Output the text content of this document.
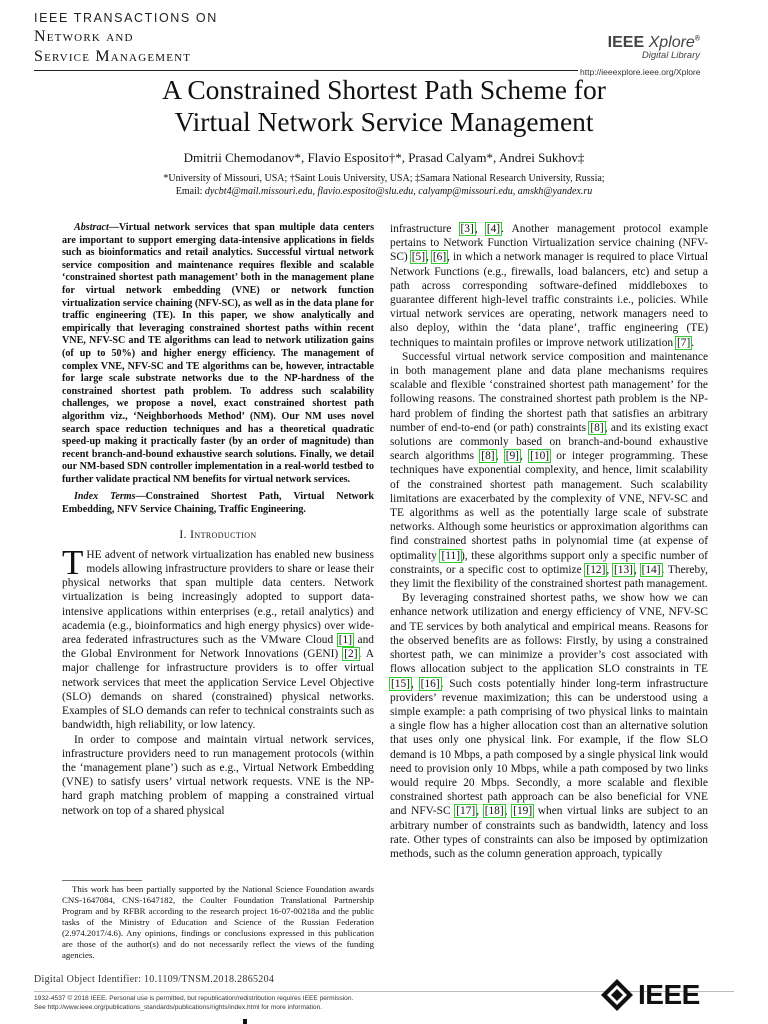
IEEE TRANSACTIONS ON
Network and
Service Management
IEEE Xplore®
Digital Library
http://ieeexplore.ieee.org/Xplore
A Constrained Shortest Path Scheme for
Virtual Network Service Management
Dmitrii Chemodanov*, Flavio Esposito†*, Prasad Calyam*, Andrei Sukhov‡
*University of Missouri, USA; †Saint Louis University, USA; ‡Samara National Research University, Russia;
Email: dycbt4@mail.missouri.edu, flavio.esposito@slu.edu, calyamp@missouri.edu, amskh@yandex.ru
Abstract—Virtual network services that span multiple data centers are important to support emerging data-intensive applications in fields such as bioinformatics and retail analytics. Successful virtual network service composition and maintenance requires flexible and scalable ‘constrained shortest path management’ both in the management plane for virtual network embedding (VNE) or network function virtualization service chaining (NFV-SC), as well as in the data plane for traffic engineering (TE). In this paper, we show analytically and empirically that leveraging constrained shortest paths within recent VNE, NFV-SC and TE algorithms can lead to network utilization gains (of up to 50%) and higher energy efficiency. The management of complex VNE, NFV-SC and TE algorithms can be, however, intractable for large scale substrate networks due to the NP-hardness of the constrained shortest path problem. To address such scalability challenges, we propose a novel, exact constrained shortest path algorithm viz., ‘Neighborhoods Method’ (NM). Our NM uses novel search space reduction techniques and has a theoretical quadratic speed-up making it practically faster (by an order of magnitude) than recent branch-and-bound exhaustive search solutions. Finally, we detail our NM-based SDN controller implementation in a real-world testbed to further validate practical NM benefits for virtual network services.
Index Terms—Constrained Shortest Path, Virtual Network Embedding, NFV Service Chaining, Traffic Engineering.
I. Introduction

THE advent of network virtualization has enabled new business models allowing infrastructure providers to share or lease their physical networks that span multiple data centers. Network virtualization is being increasingly adopted to support data-intensive applications within enterprises (e.g., retail analytics) and academia (e.g., bioinformatics and high energy physics) over wide-area federated infrastructures such as the VMware Cloud [1] and the Global Environment for Network Innovations (GENI) [2]. A major challenge for infrastructure providers is to offer virtual network services that meet the application Service Level Objective (SLO) demands on shared (constrained) physical networks. Examples of SLO demands can refer to technical constraints such as bandwidth, high reliability, or low latency.

In order to compose and maintain virtual network services, infrastructure providers need to run management protocols (within the ‘management plane’) such as e.g., Virtual Network Embedding (VNE) to satisfy users’ virtual network requests. VNE is the NP-hard graph matching problem of mapping a constrained virtual network on top of a shared physical

This work has been partially supported by the National Science Foundation awards CNS-1647084, CNS-1647182, the Coulter Foundation Translational Partnership Program and by RFBR according to the research project 16-07-00218a and the public tasks of the Ministry of Education and Science of the Russian Federation (2.974.2017/4.6). Any opinions, findings or conclusions expressed in this publication are those of the author(s) and do not necessarily reflect the views of the funding agencies.

infrastructure [3], [4]. Another management protocol example pertains to Network Function Virtualization service chaining (NFV-SC) [5], [6], in which a network manager is required to place Virtual Network Functions (e.g., firewalls, load balancers, etc) and setup a path across corresponding software-defined middleboxes to guarantee different high-level traffic constraints i.e., policies. While virtual network services are operating, network managers need to also deploy, within the ‘data plane’, traffic engineering (TE) techniques to maintain profiles or improve network utilization [7].

Successful virtual network service composition and maintenance in both management plane and data plane mechanisms requires scalable and flexible ‘constrained shortest path management’ for the following reasons. The constrained shortest path problem is the NP-hard problem of finding the shortest path that satisfies an arbitrary number of end-to-end (or path) constraints [8], and its existing exact solutions are commonly based on branch-and-bound exhaustive search algorithms [8], [9], [10] or integer programming. These techniques have exponential complexity, and hence, limit scalability of the constrained shortest path management. Such scalability limitations are exacerbated by the complexity of VNE, NFV-SC and TE algorithms as well as the potentially large scale of substrate networks. Although some heuristics or approximation algorithms can find constrained shortest paths in polynomial time (at expense of optimality [11]), these algorithms support only a specific number of constraints, or a specific cost to optimize [12], [13], [14]. Thereby, they limit the flexibility of the constrained shortest path management.

By leveraging constrained shortest paths, we show how we can enhance network utilization and energy efficiency of VNE, NFV-SC and TE services by both analytical and empirical means. Reasons for the observed benefits are as follows: Firstly, by using a constrained shortest path, we can minimize a provider’s cost associated with flows allocation subject to the application SLO constraints in TE [15], [16]. Such costs potentially hinder long-term infrastructure providers’ revenue maximization; this can be understood using a simple example: a path comprising of two physical links to maintain a single flow has a higher allocation cost than an alternative solution that uses only one physical link. For example, if the flow SLO demand is 10 Mbps, a path composed by a single physical link would need to provision only 10 Mbps, while a path composed by two links would require 20 Mbps. Secondly, a more scalable and flexible constrained shortest path approach can be also beneficial for VNE and NFV-SC [17], [18], [19] when virtual links are subject to an arbitrary number of constraints such as bandwidth, latency and loss rate. Other types of constraints can also be imposed by optimization methods, such as the column generation approach, typically

Digital Object Identifier: 10.1109/TNSM.2018.2865204
1932-4537 © 2018 IEEE. Personal use is permitted, but republication/redistribution requires IEEE permission.
See http://www.ieee.org/publications_standards/publications/rights/index.html for more information.	IEEE
